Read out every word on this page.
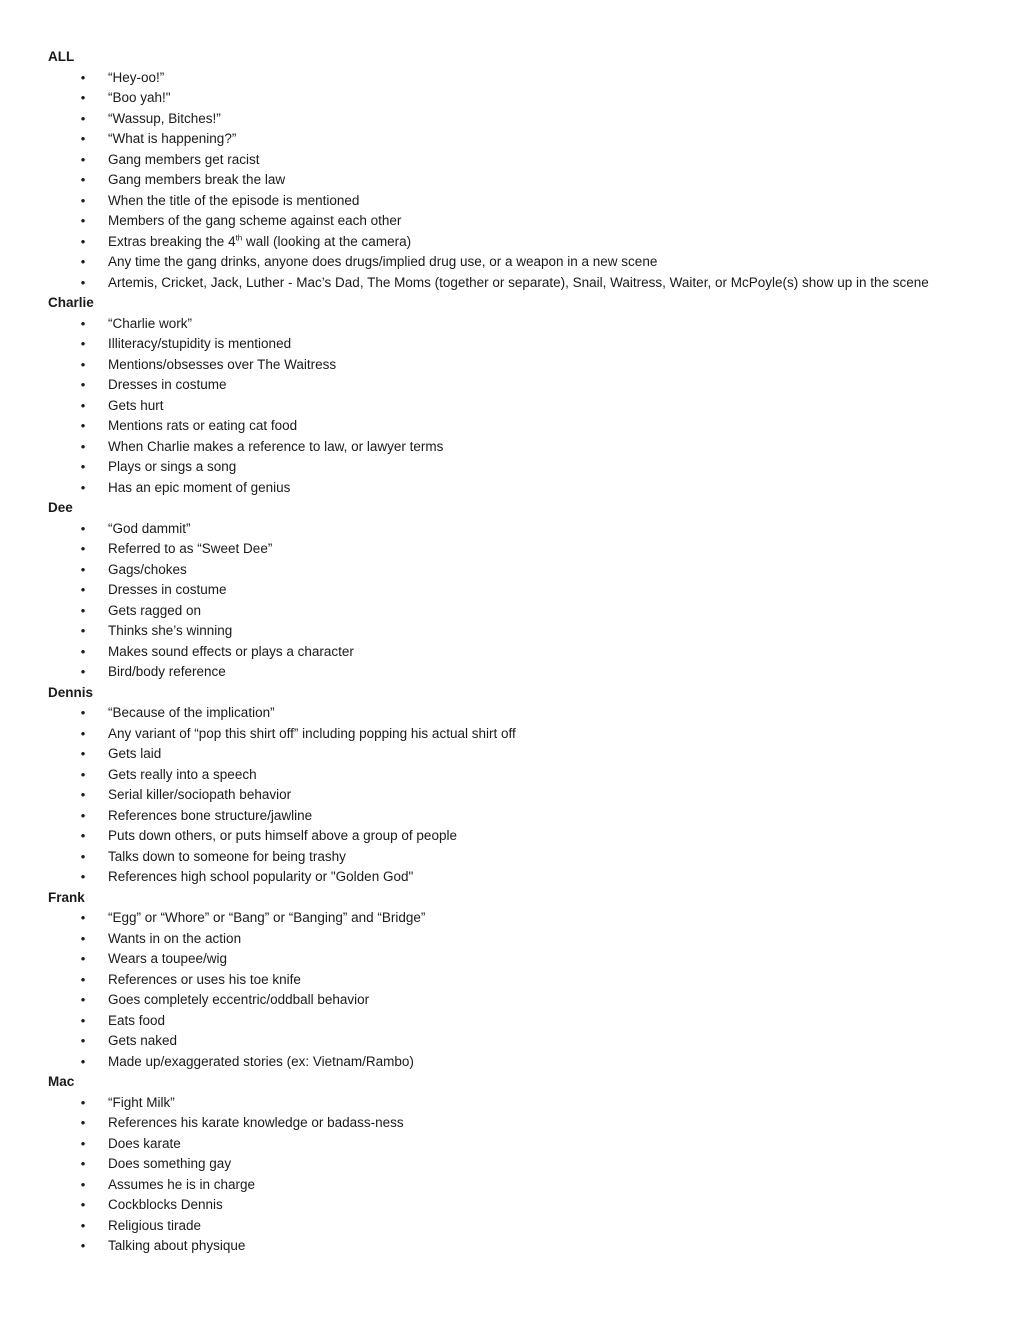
ALL
• “Hey-oo!”
• “Boo yah!"
• “Wassup, Bitches!”
• “What is happening?”
• Gang members get racist
• Gang members break the law
• When the title of the episode is mentioned
• Members of the gang scheme against each other
• Extras breaking the 4th wall (looking at the camera)
• Any time the gang drinks, anyone does drugs/implied drug use, or a weapon in a new scene
• Artemis, Cricket, Jack, Luther - Mac’s Dad, The Moms (together or separate), Snail, Waitress, Waiter, or McPoyle(s) show up in the scene
Charlie
• “Charlie work”
• Illiteracy/stupidity is mentioned
• Mentions/obsesses over The Waitress
• Dresses in costume
• Gets hurt
• Mentions rats or eating cat food
• When Charlie makes a reference to law, or lawyer terms
• Plays or sings a song
• Has an epic moment of genius
Dee
• “God dammit”
• Referred to as “Sweet Dee”
• Gags/chokes
• Dresses in costume
• Gets ragged on
• Thinks she’s winning
• Makes sound effects or plays a character
• Bird/body reference
Dennis
• “Because of the implication”
• Any variant of “pop this shirt off” including popping his actual shirt off
• Gets laid
• Gets really into a speech
• Serial killer/sociopath behavior
• References bone structure/jawline
• Puts down others, or puts himself above a group of people
• Talks down to someone for being trashy
• References high school popularity or "Golden God"
Frank
• “Egg” or “Whore” or “Bang” or “Banging” and “Bridge”
• Wants in on the action
• Wears a toupee/wig
• References or uses his toe knife
• Goes completely eccentric/oddball behavior
• Eats food
• Gets naked
• Made up/exaggerated stories (ex: Vietnam/Rambo)
Mac
• “Fight Milk”
• References his karate knowledge or badass-ness
• Does karate
• Does something gay
• Assumes he is in charge
• Cockblocks Dennis
• Religious tirade
• Talking about physique
